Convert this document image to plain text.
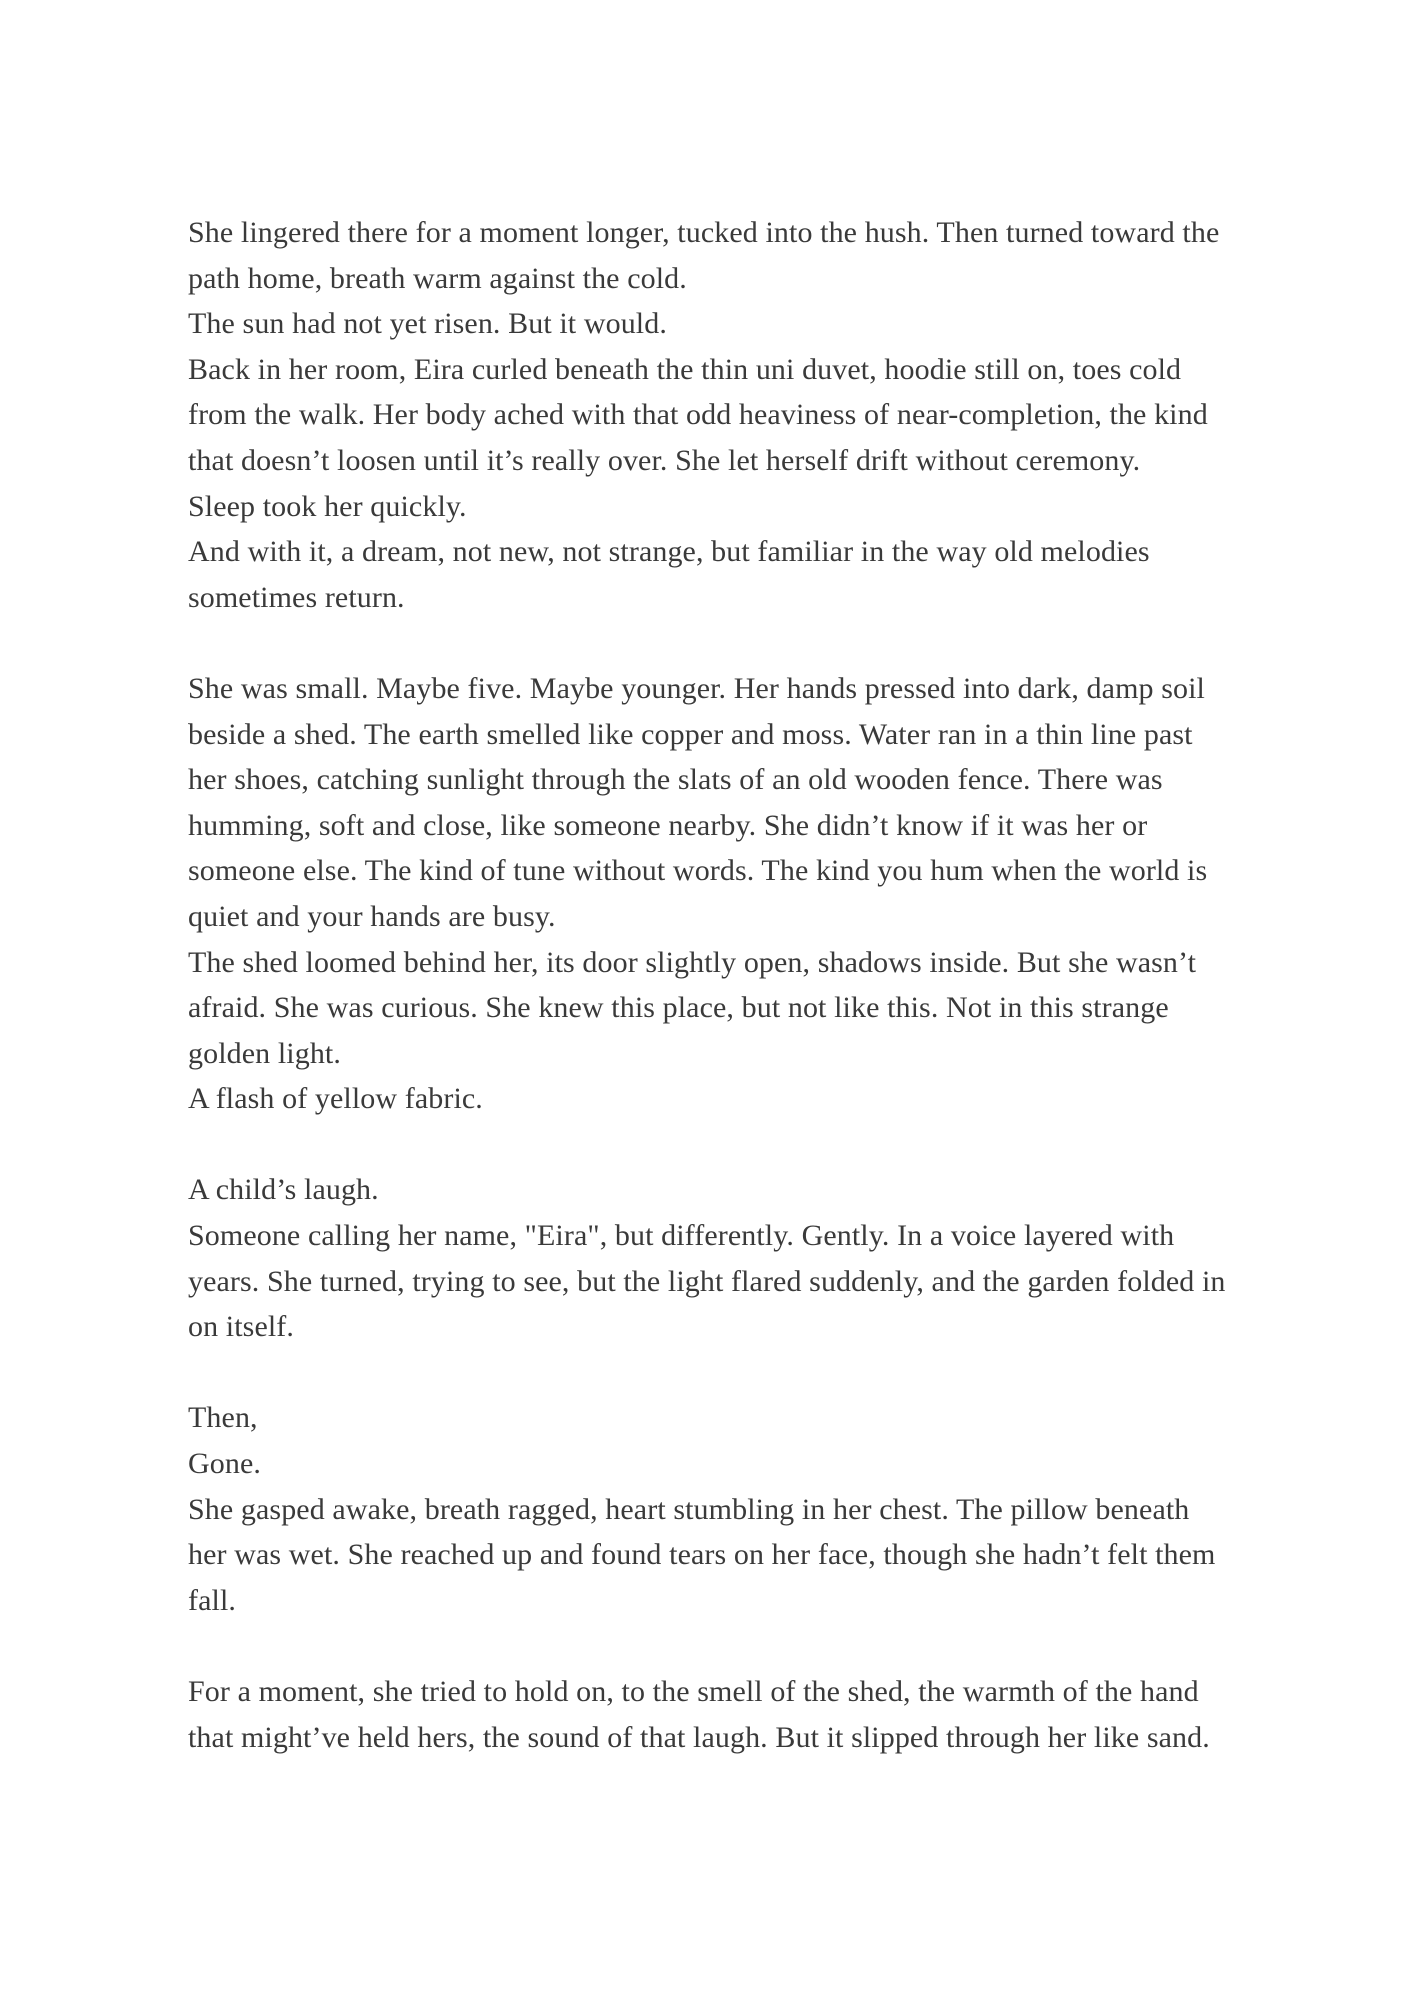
She lingered there for a moment longer, tucked into the hush. Then turned toward the path home, breath warm against the cold.

The sun had not yet risen. But it would.

Back in her room, Eira curled beneath the thin uni duvet, hoodie still on, toes cold from the walk. Her body ached with that odd heaviness of near-completion, the kind that doesn’t loosen until it’s really over. She let herself drift without ceremony.

Sleep took her quickly.

And with it, a dream, not new, not strange, but familiar in the way old melodies sometimes return.

She was small. Maybe five. Maybe younger. Her hands pressed into dark, damp soil beside a shed. The earth smelled like copper and moss. Water ran in a thin line past her shoes, catching sunlight through the slats of an old wooden fence. There was humming, soft and close, like someone nearby. She didn’t know if it was her or someone else. The kind of tune without words. The kind you hum when the world is quiet and your hands are busy.

The shed loomed behind her, its door slightly open, shadows inside. But she wasn’t afraid. She was curious. She knew this place, but not like this. Not in this strange golden light.

A flash of yellow fabric.

A child’s laugh.

Someone calling her name, "Eira", but differently. Gently. In a voice layered with years. She turned, trying to see, but the light flared suddenly, and the garden folded in on itself.

Then,

Gone.

She gasped awake, breath ragged, heart stumbling in her chest. The pillow beneath her was wet. She reached up and found tears on her face, though she hadn’t felt them fall.

For a moment, she tried to hold on, to the smell of the shed, the warmth of the hand that might’ve held hers, the sound of that laugh. But it slipped through her like sand.
